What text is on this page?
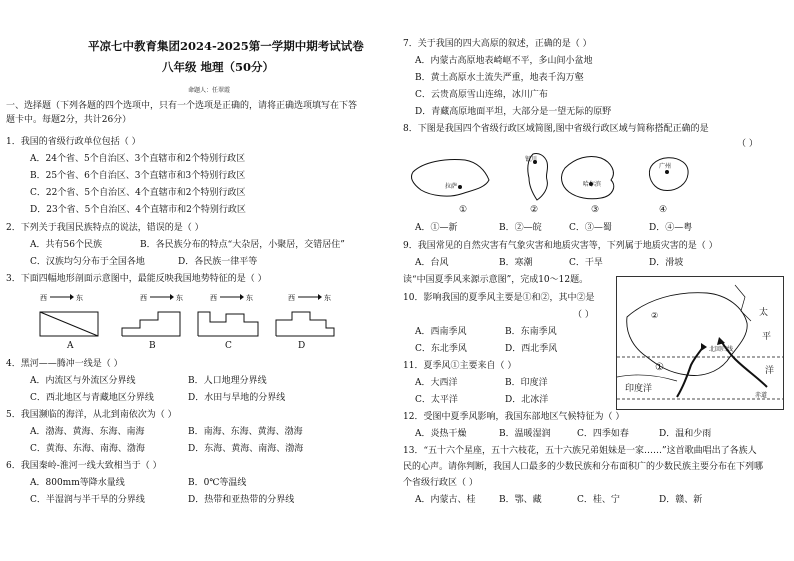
平凉七中教育集团2024-2025第一学期中期考试试卷
八年级 地理（50分）
命题人：任翠霞
一、选择题（下列各题的四个选项中，只有一个选项是正确的，请将正确选项填写在下答
题卡中。每题2分，共计26分）
1．我国的省级行政单位包括（ ）
A．24个省、5个自治区、3个直辖市和2个特别行政区
B．25个省、6个自治区、3个直辖市和3个特别行政区
C．22个省、5个自治区、4个直辖市和2个特别行政区
D．23个省、5个自治区、4个直辖市和2个特别行政区
2．下列关于我国民族特点的说法，错误的是（ ）
A．共有56个民族	B．各民族分布的特点“大杂居，小聚居，交错居住”
C．汉族均匀分布于全国各地	D．各民族一律平等
3．下面四幅地形剖面示意图中，最能反映我国地势特征的是（ ）
西	东	西	东	西	东	西	东
A	B	C	D
4．黑河——腾冲一线是（ ）
A．内流区与外流区分界线	B．人口地理分界线
C．西北地区与青藏地区分界线	D．水田与旱地的分界线
5．我国濒临的海洋，从北到南依次为（ ）
A．渤海、黄海、东海、南海	B．南海、东海、黄海、渤海
C．黄海、东海、南海、渤海	D．东海、黄海、南海、渤海
6．我国秦岭-淮河一线大致相当于（ ）
A．800mm等降水量线	B．0℃等温线
C．半湿润与半干旱的分界线	D．热带和亚热带的分界线
7．关于我国的四大高原的叙述，正确的是（ ）
A．内蒙古高原地表崎岖不平，多山间小盆地
B．黄土高原水土流失严重，地表千沟万壑
C．云贵高原雪山连绵，冰川广布
D．青藏高原地面平坦，大部分是一望无际的原野
8．下图是我国四个省级行政区域简图,图中省级行政区域与简称搭配正确的是
（ ）
拉萨
银川
哈尔滨
广州
①	②	③	④
A．①—新	B．②—皖	C．③—蜀	D．④—粤
9．我国常见的自然灾害有气象灾害和地质灾害等，下列属于地质灾害的是（ ）
A．台风	B．寒潮	C．干旱	D．滑坡
读“中国夏季风来源示意图”，完成10～12题。
②
①
太
平
洋
印度洋
北回归线
赤道
10．影响我国的夏季风主要是①和②，其中②是
（ ）
A．西南季风	B．东南季风
C．东北季风	D．西北季风
11．夏季风①主要来自（ ）
A．大西洋	B．印度洋
C．太平洋	D．北冰洋
12．受图中夏季风影响，我国东部地区气候特征为（ ）
A．炎热干燥	B．温暖湿润	C．四季如春	D．温和少雨
13．“五十六个星座，五十六枝花，五十六族兄弟姐妹是一家……”这首歌曲唱出了各族人
民的心声。请你判断，我国人口最多的少数民族和分布面积广的少数民族主要分布在下列哪
个省级行政区（ ）
A．内蒙古、桂	B．鄂、藏	C．桂、宁	D．赣、新
